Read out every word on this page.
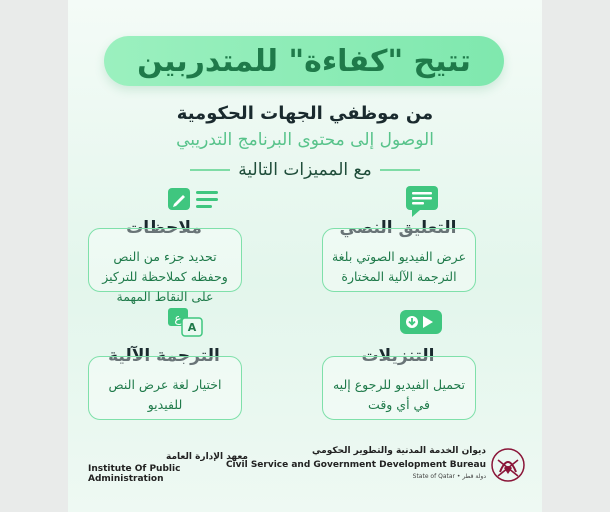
تتيح "كفاءة" للمتدربين
من موظفي الجهات الحكومية
الوصول إلى محتوى البرنامج التدريبي
مع المميزات التالية
التعليق النصي
عرض الفيديو الصوتي بلغة الترجمة الآلية المختارة
ملاحظات
تحديد جزء من النص وحفظه كملاحظة للتركيز على النقاط المهمة
التنزيلات
تحميل الفيديو للرجوع إليه في أي وقت
ع
A
الترجمة الآلية
اختيار لغة عرض النص للفيديو
معهد الإدارة العامة
Institute Of Public Administration
ديوان الخدمة المدنية والتطوير الحكومي
Civil Service and Government Development Bureau
State of Qatar • دولة قطر
